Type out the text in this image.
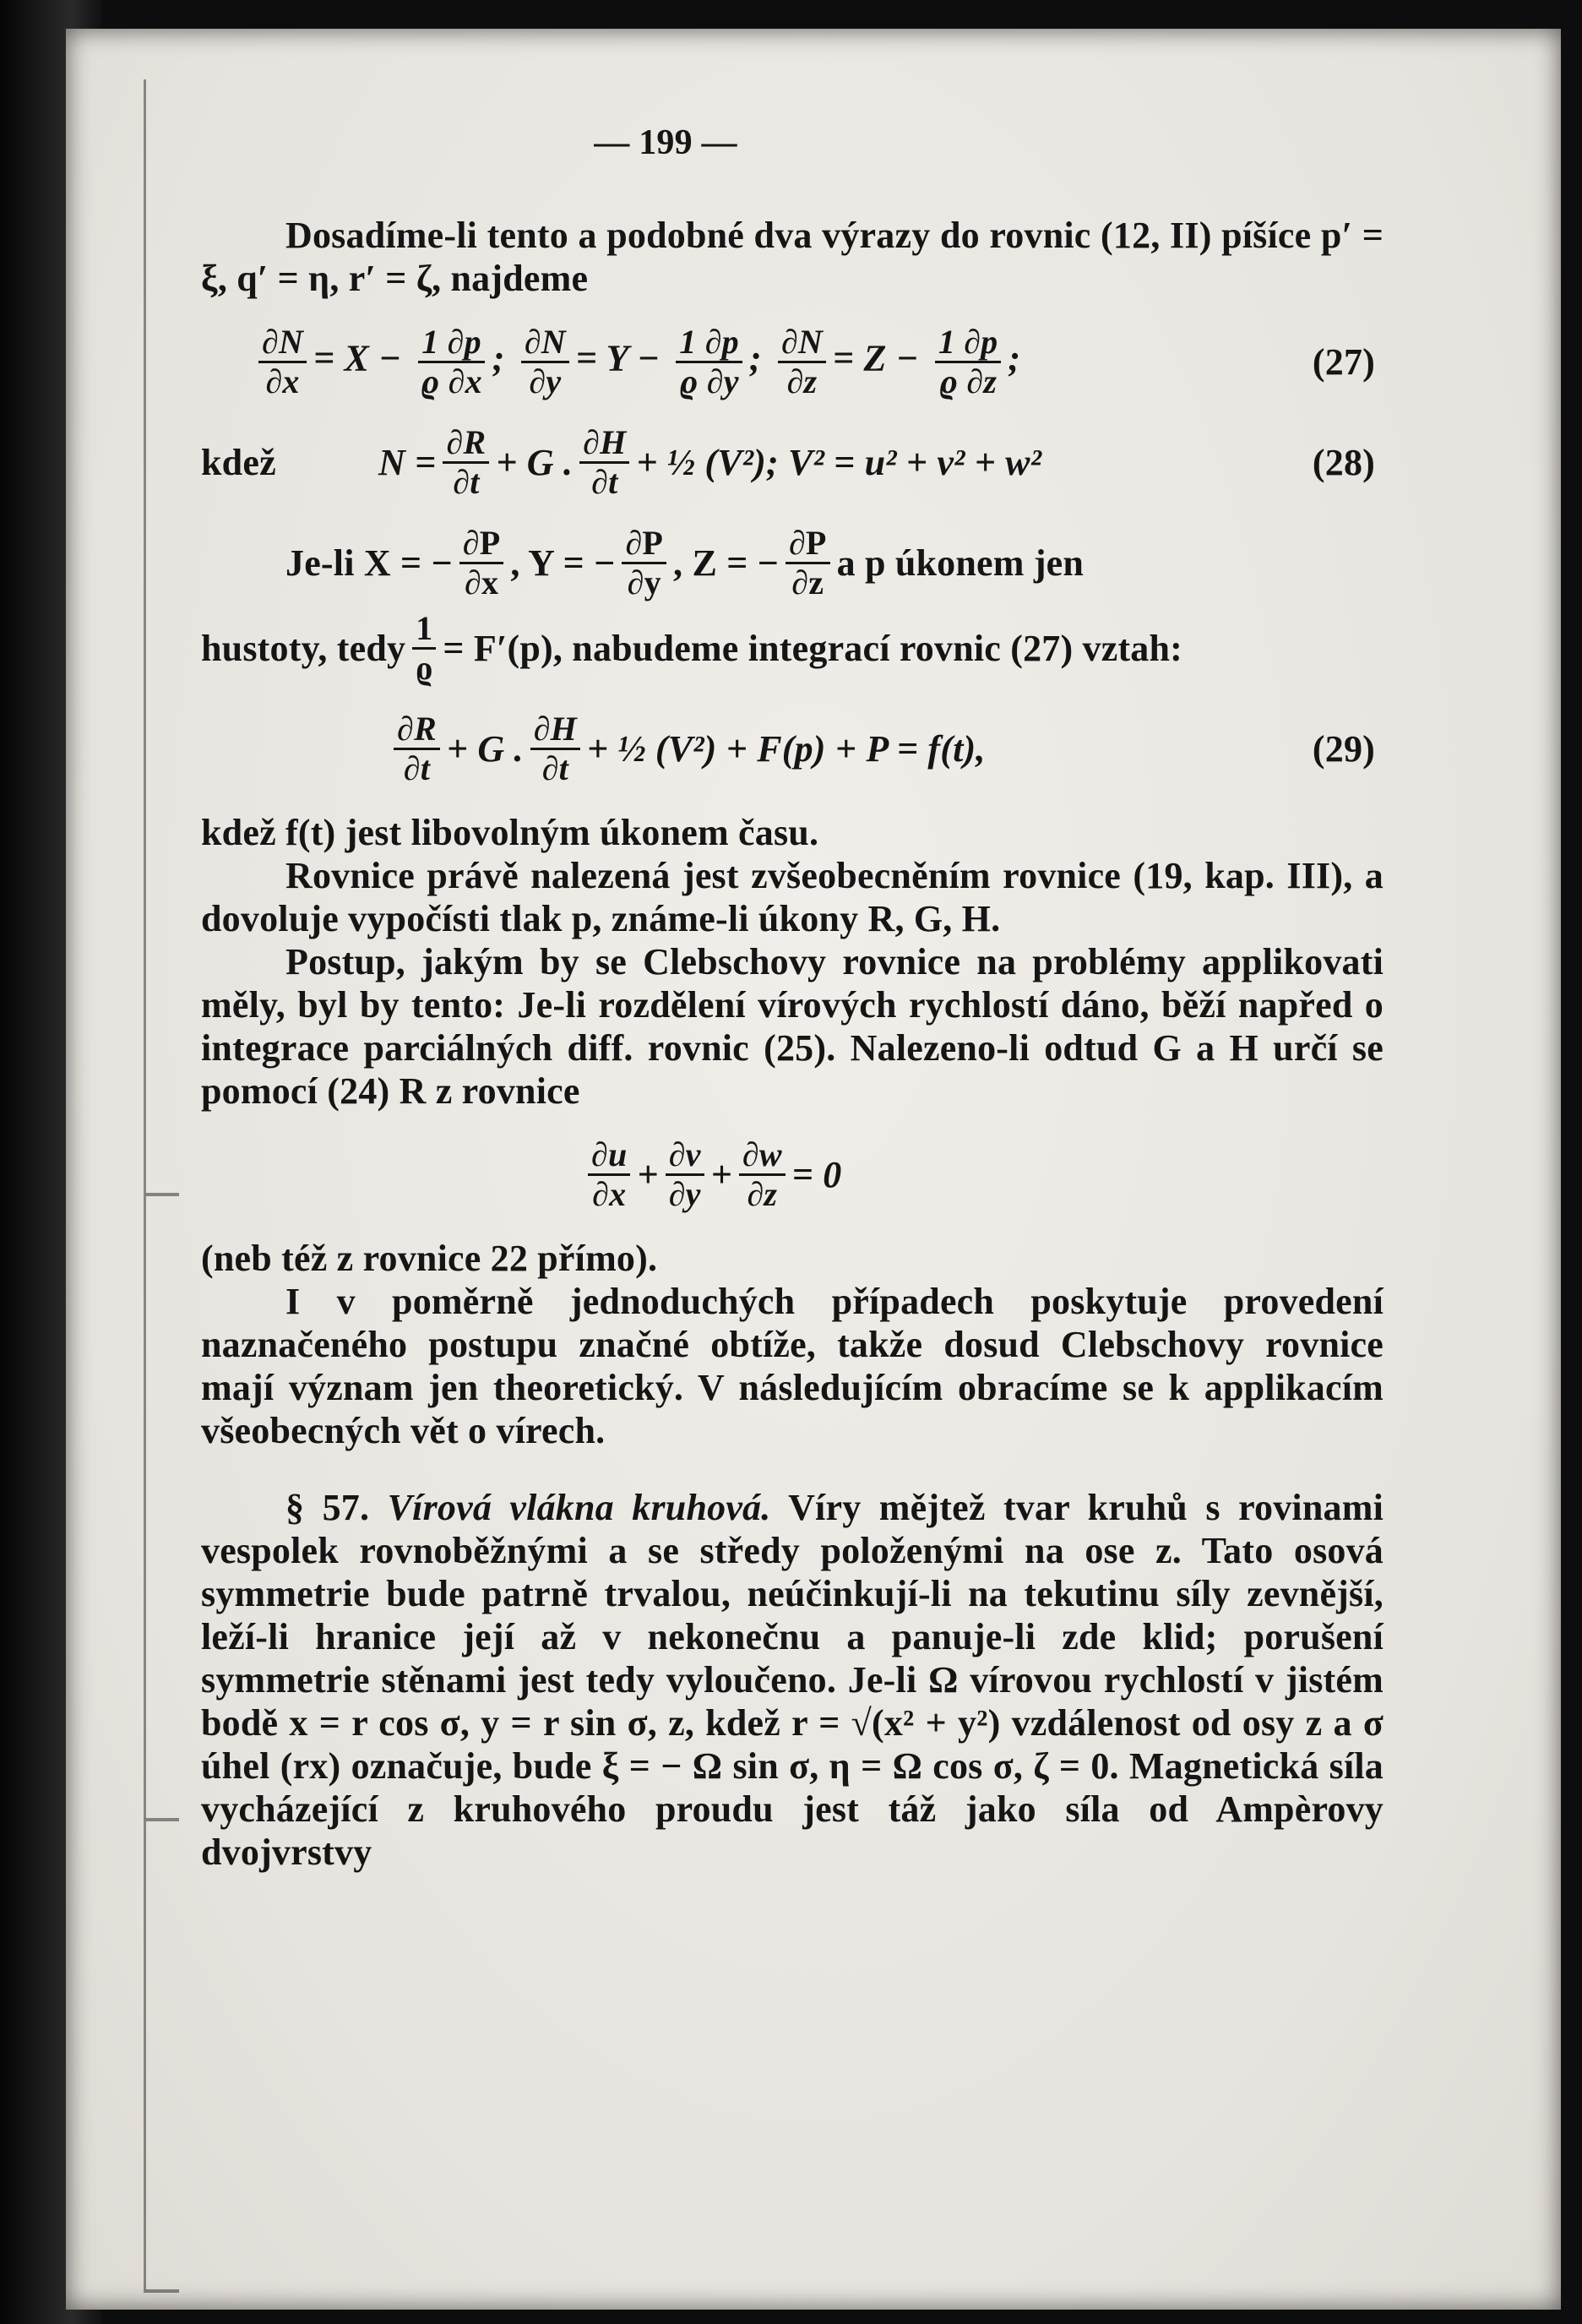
— 199 —

Dosadíme-li tento a podobné dva výrazy do rovnic (12, II) píšíce p′ = ξ, q′ = η, r′ = ζ, najdeme

$\frac{\partial N}{\partial x} = X - \frac{1 \partial p}{ϱ \partial x}$ ; $\frac{\partial N}{\partial y} = Y - \frac{1 \partial p}{ϱ \partial y}$ ; $\frac{\partial N}{\partial z} = Z - \frac{1 \partial p}{ϱ \partial z}$ ;	(27)
kdež	$N = \frac{\partial R}{\partial t} + G$ . $\frac{\partial H}{\partial t}$ + ½ (V²); V² = u² + v² + w²	(28)
Je-li X = − $\frac{\partial P}{\partial x}$ , Y = − $\frac{\partial P}{\partial y}$ , Z = − $\frac{\partial P}{\partial z}$ a p úkonem jen
hustoty, tedy $\frac{1}{ϱ} = F'(p)$, nabudeme integrací rovnic (27) vztah:
$\frac{\partial R}{\partial t} + G$ . $\frac{\partial H}{\partial t}$ + ½ (V²) + F(p) + P = f(t),	(29)

kdež f(t) jest libovolným úkonem času.

Rovnice právě nalezená jest zvšeobecněním rovnice (19, kap. III), a dovoluje vypočísti tlak p, známe-li úkony R, G, H.

Postup, jakým by se Clebschovy rovnice na problémy applikovati měly, byl by tento: Je-li rozdělení vírových rychlostí dáno, běží napřed o integrace parciálných diff. rovnic (25). Nalezeno-li odtud G a H určí se pomocí (24) R z rovnice

$\frac{\partial u}{\partial x} + \frac{\partial v}{\partial y} + \frac{\partial w}{\partial z} = 0$

(neb též z rovnice 22 přímo).

I v poměrně jednoduchých případech poskytuje provedení naznačeného postupu značné obtíže, takže dosud Clebschovy rovnice mají význam jen theoretický. V následujícím obracíme se k applikacím všeobecných vět o vírech.

§ 57. Vírová vlákna kruhová. Víry mějtež tvar kruhů s rovinami vespolek rovnoběžnými a se středy položenými na ose z. Tato osová symmetrie bude patrně trvalou, neúčinkují-li na tekutinu síly zevnější, leží-li hranice její až v nekonečnu a panuje-li zde klid; porušení symmetrie stěnami jest tedy vyloučeno. Je-li Ω vírovou rychlostí v jistém bodě x = r cos σ, y = r sin σ, z, kdež r = √(x² + y²) vzdálenost od osy z a σ úhel (rx) označuje, bude ξ = − Ω sin σ, η = Ω cos σ, ζ = 0. Magnetická síla vycházející z kruhového proudu jest táž jako síla od Ampèrovy dvojvrstvy
